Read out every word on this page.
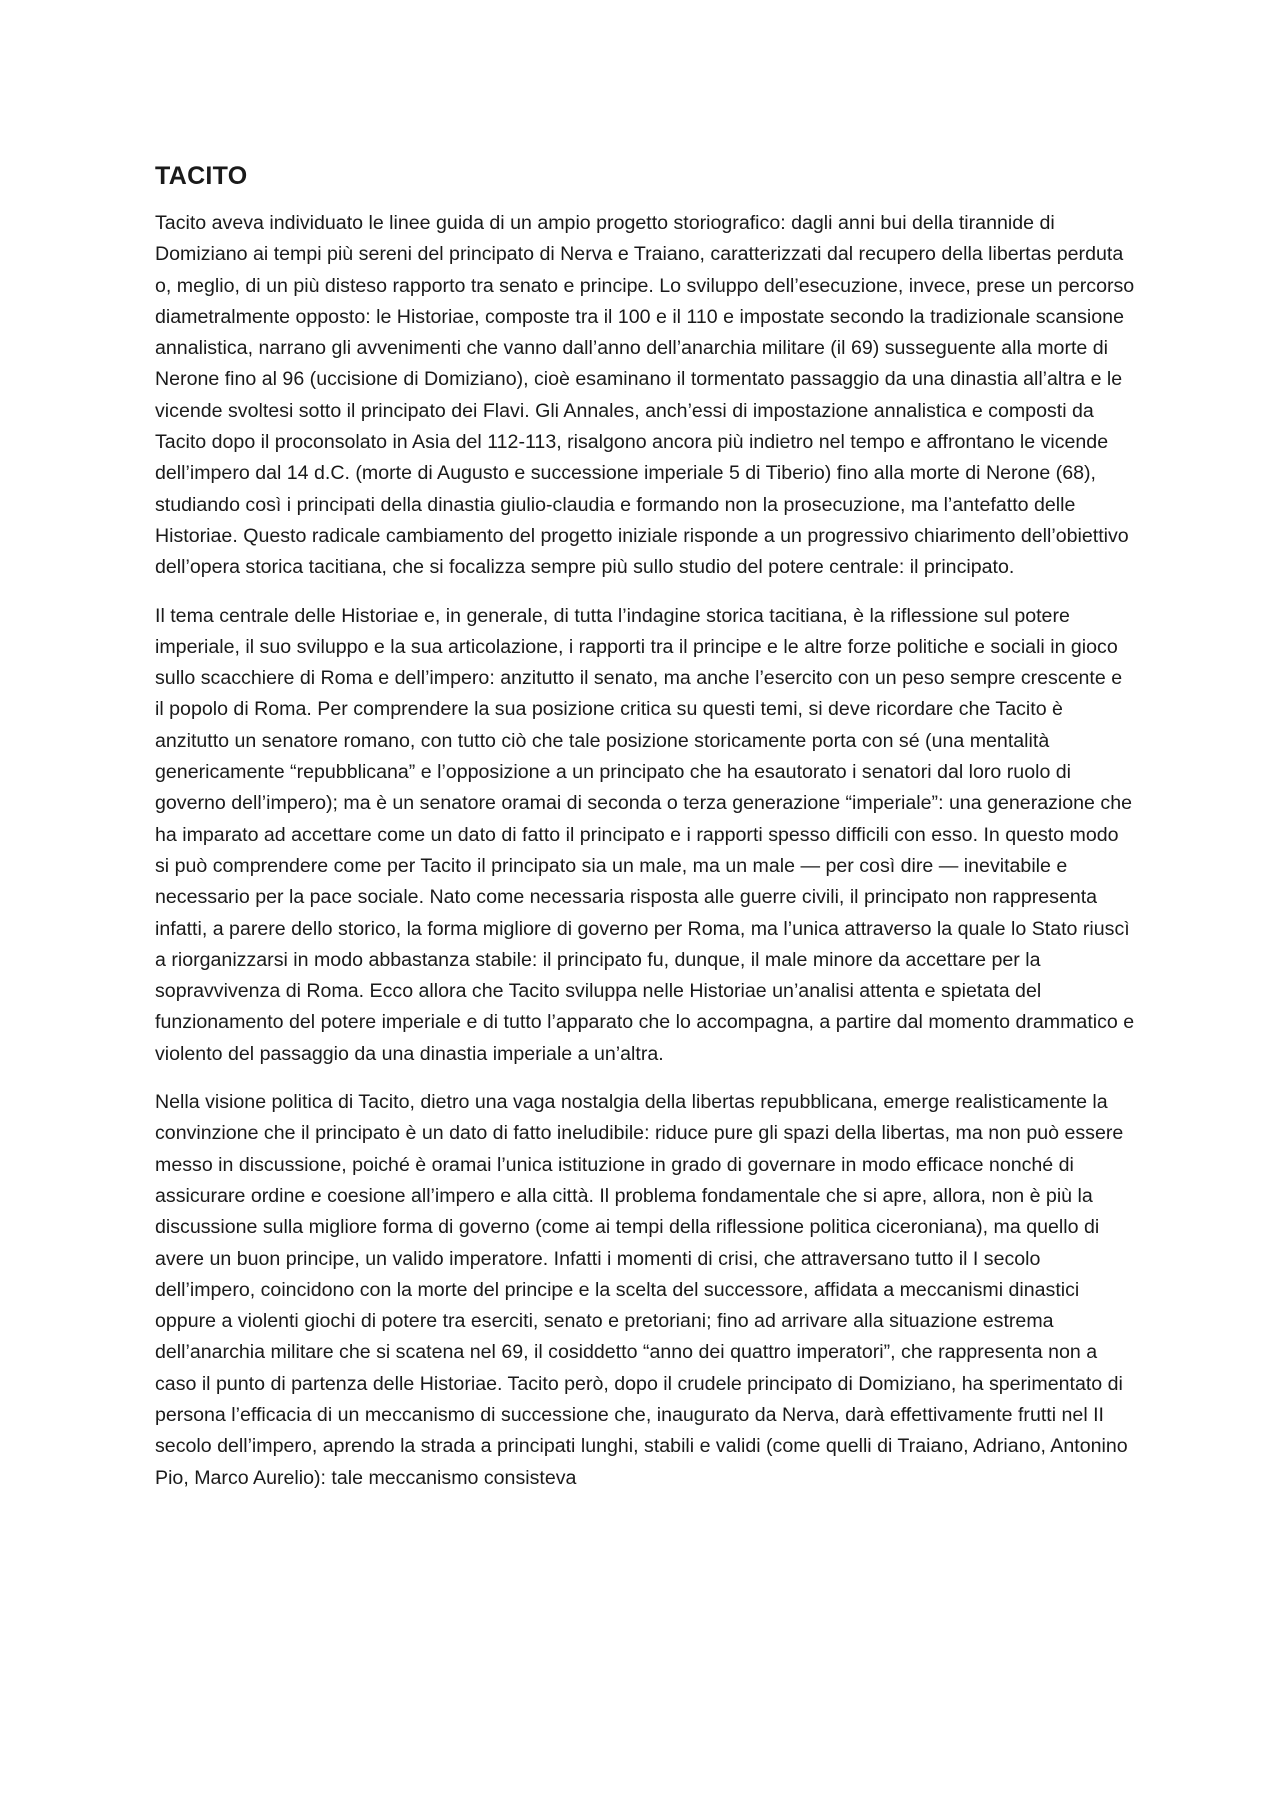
TACITO

Tacito aveva individuato le linee guida di un ampio progetto storiografico: dagli anni bui della tirannide di Domiziano ai tempi più sereni del principato di Nerva e Traiano, caratterizzati dal recupero della libertas perduta o, meglio, di un più disteso rapporto tra senato e principe. Lo sviluppo dell’esecuzione, invece, prese un percorso diametralmente opposto: le Historiae, composte tra il 100 e il 110 e impostate secondo la tradizionale scansione annalistica, narrano gli avvenimenti che vanno dall’anno dell’anarchia militare (il 69) susseguente alla morte di Nerone fino al 96 (uccisione di Domiziano), cioè esaminano il tormentato passaggio da una dinastia all’altra e le vicende svoltesi sotto il principato dei Flavi. Gli Annales, anch’essi di impostazione annalistica e composti da Tacito dopo il proconsolato in Asia del 112-113, risalgono ancora più indietro nel tempo e affrontano le vicende dell’impero dal 14 d.C. (morte di Augusto e successione imperiale 5 di Tiberio) fino alla morte di Nerone (68), studiando così i principati della dinastia giulio-claudia e formando non la prosecuzione, ma l’antefatto delle Historiae. Questo radicale cambiamento del progetto iniziale risponde a un progressivo chiarimento dell’obiettivo dell’opera storica tacitiana, che si focalizza sempre più sullo studio del potere centrale: il principato.

Il tema centrale delle Historiae e, in generale, di tutta l’indagine storica tacitiana, è la riflessione sul potere imperiale, il suo sviluppo e la sua articolazione, i rapporti tra il principe e le altre forze politiche e sociali in gioco sullo scacchiere di Roma e dell’impero: anzitutto il senato, ma anche l’esercito con un peso sempre crescente e il popolo di Roma. Per comprendere la sua posizione critica su questi temi, si deve ricordare che Tacito è anzitutto un senatore romano, con tutto ciò che tale posizione storicamente porta con sé (una mentalità genericamente “repubblicana” e l’opposizione a un principato che ha esautorato i senatori dal loro ruolo di governo dell’impero); ma è un senatore oramai di seconda o terza generazione “imperiale”: una generazione che ha imparato ad accettare come un dato di fatto il principato e i rapporti spesso difficili con esso. In questo modo si può comprendere come per Tacito il principato sia un male, ma un male — per così dire — inevitabile e necessario per la pace sociale. Nato come necessaria risposta alle guerre civili, il principato non rappresenta infatti, a parere dello storico, la forma migliore di governo per Roma, ma l’unica attraverso la quale lo Stato riuscì a riorganizzarsi in modo abbastanza stabile: il principato fu, dunque, il male minore da accettare per la sopravvivenza di Roma. Ecco allora che Tacito sviluppa nelle Historiae un’analisi attenta e spietata del funzionamento del potere imperiale e di tutto l’apparato che lo accompagna, a partire dal momento drammatico e violento del passaggio da una dinastia imperiale a un’altra.

Nella visione politica di Tacito, dietro una vaga nostalgia della libertas repubblicana, emerge realisticamente la convinzione che il principato è un dato di fatto ineludibile: riduce pure gli spazi della libertas, ma non può essere messo in discussione, poiché è oramai l’unica istituzione in grado di governare in modo efficace nonché di assicurare ordine e coesione all’impero e alla città. Il problema fondamentale che si apre, allora, non è più la discussione sulla migliore forma di governo (come ai tempi della riflessione politica ciceroniana), ma quello di avere un buon principe, un valido imperatore. Infatti i momenti di crisi, che attraversano tutto il I secolo dell’impero, coincidono con la morte del principe e la scelta del successore, affidata a meccanismi dinastici oppure a violenti giochi di potere tra eserciti, senato e pretoriani; fino ad arrivare alla situazione estrema dell’anarchia militare che si scatena nel 69, il cosiddetto “anno dei quattro imperatori”, che rappresenta non a caso il punto di partenza delle Historiae. Tacito però, dopo il crudele principato di Domiziano, ha sperimentato di persona l’efficacia di un meccanismo di successione che, inaugurato da Nerva, darà effettivamente frutti nel II secolo dell’impero, aprendo la strada a principati lunghi, stabili e validi (come quelli di Traiano, Adriano, Antonino Pio, Marco Aurelio): tale meccanismo consisteva
